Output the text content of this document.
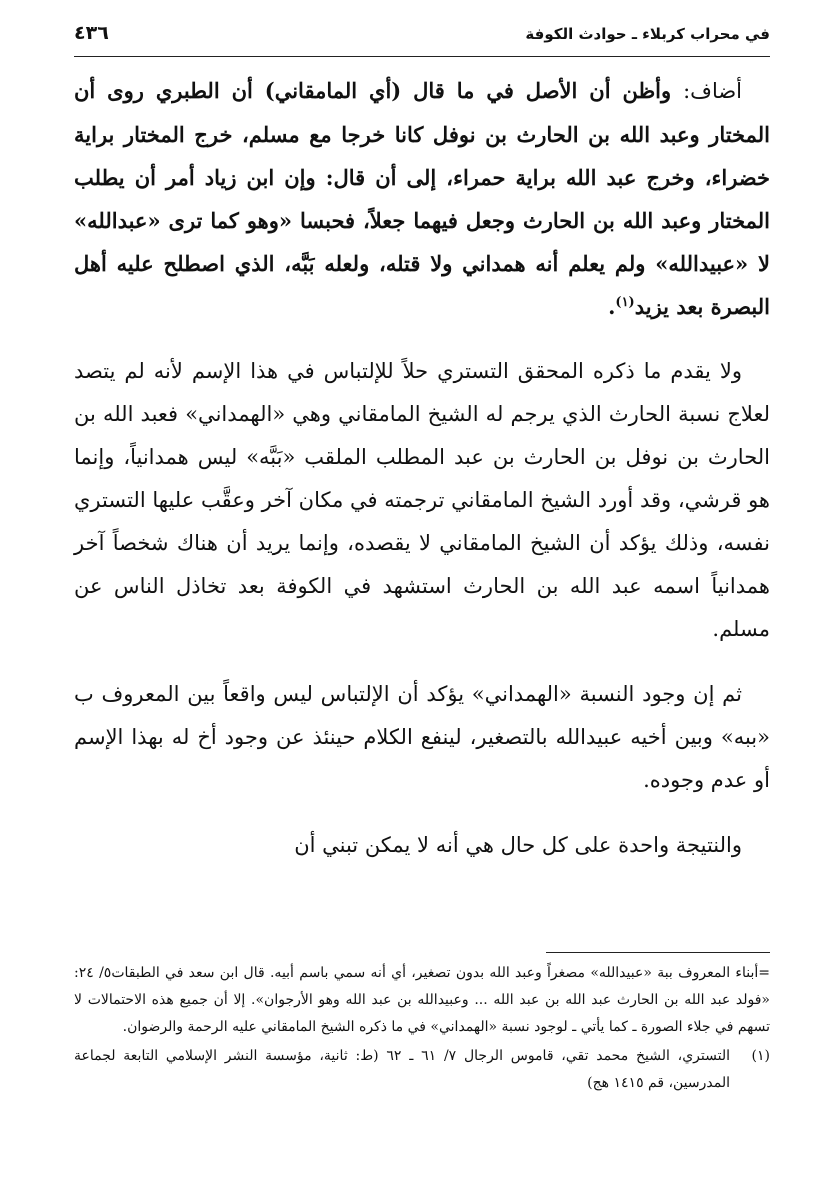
٤٣٦	في محراب كربلاء ـ حوادث الكوفة

أضاف: وأظن أن الأصل في ما قال (أي المامقاني) أن الطبري روى أن المختار وعبد الله بن الحارث بن نوفل كانا خرجا مع مسلم، خرج المختار براية خضراء، وخرج عبد الله براية حمراء، إلى أن قال: وإن ابن زياد أمر أن يطلب المختار وعبد الله بن الحارث وجعل فيهما جعلاً، فحبسا «وهو كما ترى «عبدالله» لا «عبيدالله» ولم يعلم أنه همداني ولا قتله، ولعله بَبَّه، الذي اصطلح عليه أهل البصرة بعد يزيد$^{(١)}$.

ولا يقدم ما ذكره المحقق التستري حلاً للإلتباس في هذا الإسم لأنه لم يتصد لعلاج نسبة الحارث الذي يرجم له الشيخ المامقاني وهي «الهمداني» فعبد الله بن الحارث بن نوفل بن الحارث بن عبد المطلب الملقب «بَبَّه» ليس همدانياً، وإنما هو قرشي، وقد أورد الشيخ المامقاني ترجمته في مكان آخر وعقَّب عليها التستري نفسه، وذلك يؤكد أن الشيخ المامقاني لا يقصده، وإنما يريد أن هناك شخصاً آخر همدانياً اسمه عبد الله بن الحارث استشهد في الكوفة بعد تخاذل الناس عن مسلم.

ثم إن وجود النسبة «الهمداني» يؤكد أن الإلتباس ليس واقعاً بين المعروف ب «ببه» وبين أخيه عبيدالله بالتصغير، لينفع الكلام حينئذ عن وجود أخ له بهذا الإسم أو عدم وجوده.

والنتيجة واحدة على كل حال هي أنه لا يمكن تبني أن

=أبناء المعروف ببة «عبيدالله» مصغراً وعبد الله بدون تصغير، أي أنه سمي باسم أبيه. قال ابن سعد في الطبقات٥/ ٢٤: «فولد عبد الله بن الحارث عبد الله بن عبد الله ... وعبيدالله بن عبد الله وهو الأرجوان». إلا أن جميع هذه الاحتمالات لا تسهم في جلاء الصورة ـ كما يأتي ـ لوجود نسبة «الهمداني» في ما ذكره الشيخ المامقاني عليه الرحمة والرضوان.

(١)
التستري، الشيخ محمد تقي، قاموس الرجال ٧/ ٦١ ـ ٦٢ (ط: ثانية، مؤسسة النشر الإسلامي التابعة لجماعة المدرسين، قم ١٤١٥ هج)
